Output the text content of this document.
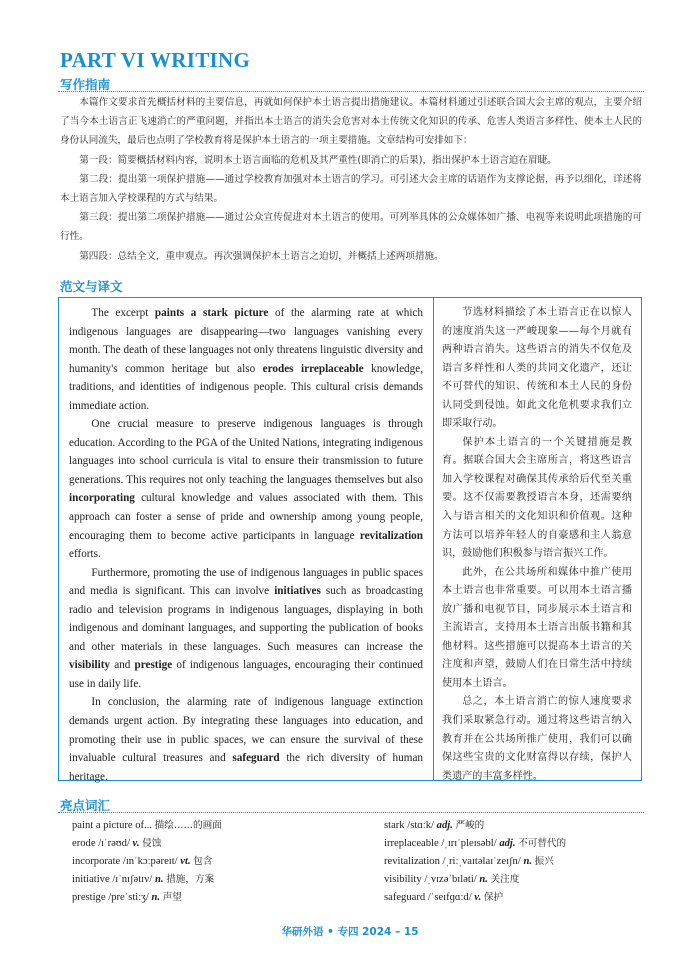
PART VI WRITING
写作指南

本篇作文要求首先概括材料的主要信息，再就如何保护本土语言提出措施建议。本篇材料通过引述联合国大会主席的观点，主要介绍了当今本土语言正飞速消亡的严重问题，并指出本土语言的消失会危害对本土传统文化知识的传承、危害人类语言多样性、使本土人民的身份认同流失，最后也点明了学校教育将是保护本土语言的一项主要措施。文章结构可安排如下：

第一段：简要概括材料内容，说明本土语言面临的危机及其严重性(即消亡的后果)，指出保护本土语言迫在眉睫。

第二段：提出第一项保护措施——通过学校教育加强对本土语言的学习。可引述大会主席的话语作为支撑论据，再予以细化，详述将本土语言加入学校课程的方式与结果。

第三段：提出第二项保护措施——通过公众宣传促进对本土语言的使用。可列举具体的公众媒体如广播、电视等来说明此项措施的可行性。

第四段：总结全文，重申观点。再次强调保护本土语言之迫切，并概括上述两项措施。

范文与译文

The excerpt paints a stark picture of the alarming rate at which indigenous languages are disappearing—two languages vanishing every month. The death of these languages not only threatens linguistic diversity and humanity's common heritage but also erodes irreplaceable knowledge, traditions, and identities of indigenous people. This cultural crisis demands immediate action.

One crucial measure to preserve indigenous languages is through education. According to the PGA of the United Nations, integrating indigenous languages into school curricula is vital to ensure their transmission to future generations. This requires not only teaching the languages themselves but also incorporating cultural knowledge and values associated with them. This approach can foster a sense of pride and ownership among young people, encouraging them to become active participants in language revitalization efforts.

Furthermore, promoting the use of indigenous languages in public spaces and media is significant. This can involve initiatives such as broadcasting radio and television programs in indigenous languages, displaying in both indigenous and dominant languages, and supporting the publication of books and other materials in these languages. Such measures can increase the visibility and prestige of indigenous languages, encouraging their continued use in daily life.

In conclusion, the alarming rate of indigenous language extinction demands urgent action. By integrating these languages into education, and promoting their use in public spaces, we can ensure the survival of these invaluable cultural treasures and safeguard the rich diversity of human heritage.

节选材料描绘了本土语言正在以惊人的速度消失这一严峻现象——每个月就有两种语言消失。这些语言的消失不仅危及语言多样性和人类的共同文化遗产，还让不可替代的知识、传统和本土人民的身份认同受到侵蚀。如此文化危机要求我们立即采取行动。

保护本土语言的一个关键措施是教育。据联合国大会主席所言，将这些语言加入学校课程对确保其传承给后代至关重要。这不仅需要教授语言本身，还需要纳入与语言相关的文化知识和价值观。这种方法可以培养年轻人的自豪感和主人翁意识，鼓励他们积极参与语言振兴工作。

此外，在公共场所和媒体中推广使用本土语言也非常重要。可以用本土语言播放广播和电视节目，同步展示本土语言和主流语言，支持用本土语言出版书籍和其他材料。这些措施可以提高本土语言的关注度和声望，鼓励人们在日常生活中持续使用本土语言。

总之，本土语言消亡的惊人速度要求我们采取紧急行动。通过将这些语言纳入教育并在公共场所推广使用，我们可以确保这些宝贵的文化财富得以存续，保护人类遗产的丰富多样性。

亮点词汇
paint a picture of... 描绘……的画面	stark /stɑːk/ adj. 严峻的
erode /ɪˈrəʊd/ v. 侵蚀	irreplaceable /ˌɪrɪˈpleɪsəbl/ adj. 不可替代的
incorporate /ɪnˈkɔːpəreɪt/ vt. 包含	revitalization /ˌriːˌvaɪtəlaɪˈzeɪʃn/ n. 振兴
initiative /ɪˈnɪʃətɪv/ n. 措施，方案	visibility /ˌvɪzəˈbɪləti/ n. 关注度
prestige /preˈstiːʒ/ n. 声望	safeguard /ˈseɪfɡɑːd/ v. 保护
华研外语 • 专四 2024 – 15
